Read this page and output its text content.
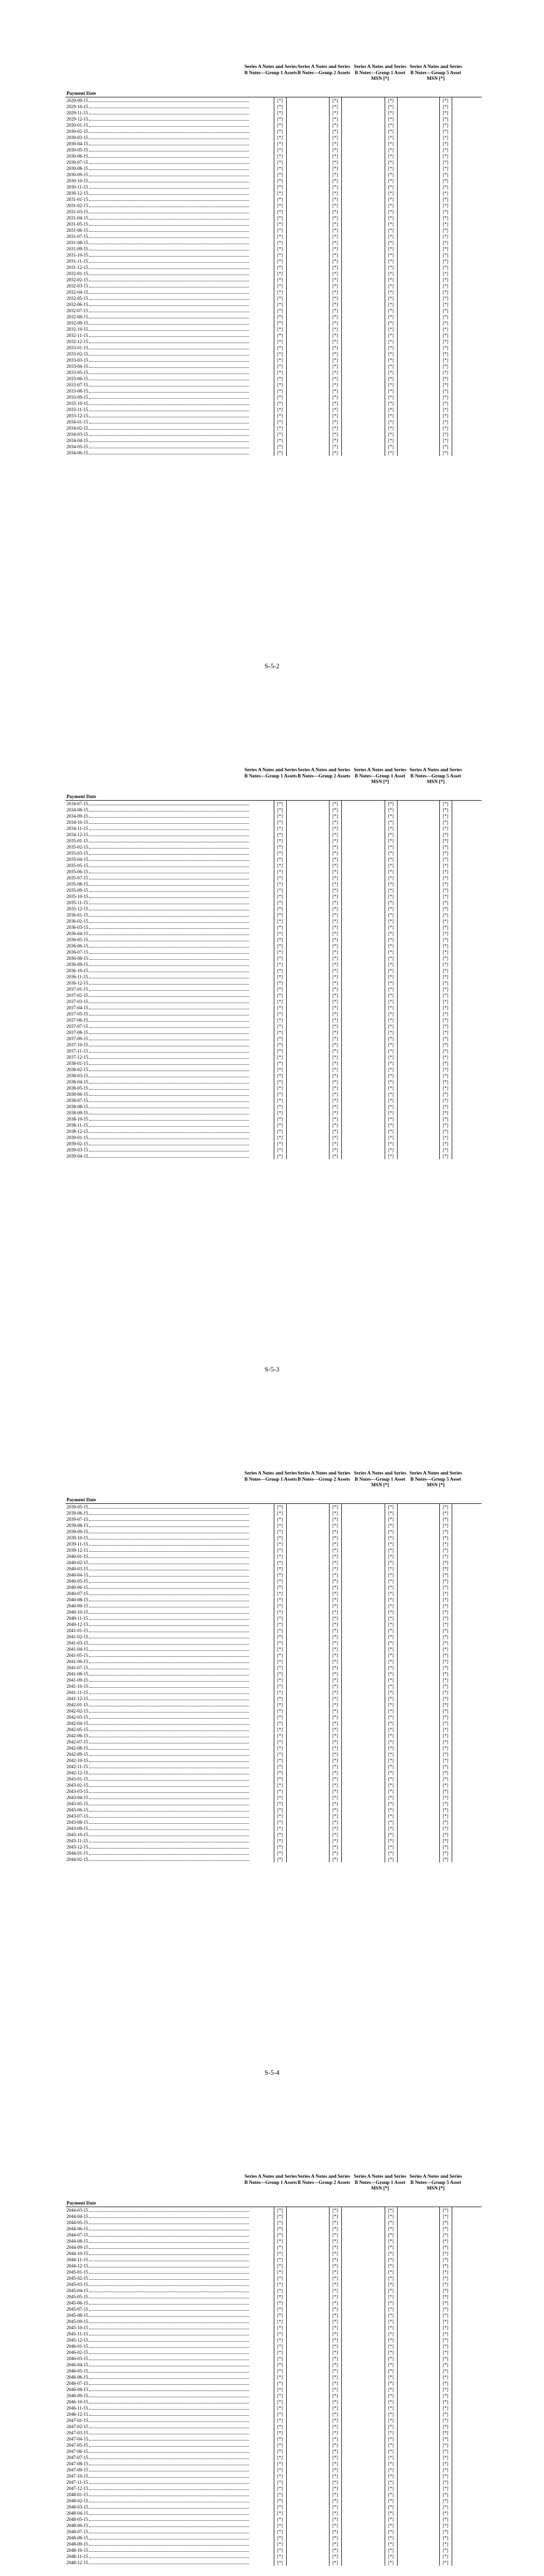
Series A Notes and Series B Notes—Group 1 Assets
Series A Notes and Series B Notes—Group 2 Assets
Series A Notes and Series B Notes—Group 1 Asset MSN [*]
Series A Notes and Series B Notes—Group 5 Asset MSN [*]
Payment Date
2029-09-15	[*]	[*]	[*]	[*]
2029-10-15	[*]	[*]	[*]	[*]
2029-11-15	[*]	[*]	[*]	[*]
2029-12-15	[*]	[*]	[*]	[*]
2030-01-15	[*]	[*]	[*]	[*]
2030-02-15	[*]	[*]	[*]	[*]
2030-03-15	[*]	[*]	[*]	[*]
2030-04-15	[*]	[*]	[*]	[*]
2030-05-15	[*]	[*]	[*]	[*]
2030-06-15	[*]	[*]	[*]	[*]
2030-07-15	[*]	[*]	[*]	[*]
2030-08-15	[*]	[*]	[*]	[*]
2030-09-15	[*]	[*]	[*]	[*]
2030-10-15	[*]	[*]	[*]	[*]
2030-11-15	[*]	[*]	[*]	[*]
2030-12-15	[*]	[*]	[*]	[*]
2031-01-15	[*]	[*]	[*]	[*]
2031-02-15	[*]	[*]	[*]	[*]
2031-03-15	[*]	[*]	[*]	[*]
2031-04-15	[*]	[*]	[*]	[*]
2031-05-15	[*]	[*]	[*]	[*]
2031-06-15	[*]	[*]	[*]	[*]
2031-07-15	[*]	[*]	[*]	[*]
2031-08-15	[*]	[*]	[*]	[*]
2031-09-15	[*]	[*]	[*]	[*]
2031-10-15	[*]	[*]	[*]	[*]
2031-11-15	[*]	[*]	[*]	[*]
2031-12-15	[*]	[*]	[*]	[*]
2032-01-15	[*]	[*]	[*]	[*]
2032-02-15	[*]	[*]	[*]	[*]
2032-03-15	[*]	[*]	[*]	[*]
2032-04-15	[*]	[*]	[*]	[*]
2032-05-15	[*]	[*]	[*]	[*]
2032-06-15	[*]	[*]	[*]	[*]
2032-07-15	[*]	[*]	[*]	[*]
2032-08-15	[*]	[*]	[*]	[*]
2032-09-15	[*]	[*]	[*]	[*]
2032-10-15	[*]	[*]	[*]	[*]
2032-11-15	[*]	[*]	[*]	[*]
2032-12-15	[*]	[*]	[*]	[*]
2033-01-15	[*]	[*]	[*]	[*]
2033-02-15	[*]	[*]	[*]	[*]
2033-03-15	[*]	[*]	[*]	[*]
2033-04-15	[*]	[*]	[*]	[*]
2033-05-15	[*]	[*]	[*]	[*]
2033-06-15	[*]	[*]	[*]	[*]
2033-07-15	[*]	[*]	[*]	[*]
2033-08-15	[*]	[*]	[*]	[*]
2033-09-15	[*]	[*]	[*]	[*]
2033-10-15	[*]	[*]	[*]	[*]
2033-11-15	[*]	[*]	[*]	[*]
2033-12-15	[*]	[*]	[*]	[*]
2034-01-15	[*]	[*]	[*]	[*]
2034-02-15	[*]	[*]	[*]	[*]
2034-03-15	[*]	[*]	[*]	[*]
2034-04-15	[*]	[*]	[*]	[*]
2034-05-15	[*]	[*]	[*]	[*]
2034-06-15	[*]	[*]	[*]	[*]
S-5-2
Series A Notes and Series B Notes—Group 1 Assets
Series A Notes and Series B Notes—Group 2 Assets
Series A Notes and Series B Notes—Group 1 Asset MSN [*]
Series A Notes and Series B Notes—Group 5 Asset MSN [*]
Payment Date
2034-07-15	[*]	[*]	[*]	[*]
2034-08-15	[*]	[*]	[*]	[*]
2034-09-15	[*]	[*]	[*]	[*]
2034-10-15	[*]	[*]	[*]	[*]
2034-11-15	[*]	[*]	[*]	[*]
2034-12-15	[*]	[*]	[*]	[*]
2035-01-15	[*]	[*]	[*]	[*]
2035-02-15	[*]	[*]	[*]	[*]
2035-03-15	[*]	[*]	[*]	[*]
2035-04-15	[*]	[*]	[*]	[*]
2035-05-15	[*]	[*]	[*]	[*]
2035-06-15	[*]	[*]	[*]	[*]
2035-07-15	[*]	[*]	[*]	[*]
2035-08-15	[*]	[*]	[*]	[*]
2035-09-15	[*]	[*]	[*]	[*]
2035-10-15	[*]	[*]	[*]	[*]
2035-11-15	[*]	[*]	[*]	[*]
2035-12-15	[*]	[*]	[*]	[*]
2036-01-15	[*]	[*]	[*]	[*]
2036-02-15	[*]	[*]	[*]	[*]
2036-03-15	[*]	[*]	[*]	[*]
2036-04-15	[*]	[*]	[*]	[*]
2036-05-15	[*]	[*]	[*]	[*]
2036-06-15	[*]	[*]	[*]	[*]
2036-07-15	[*]	[*]	[*]	[*]
2036-08-15	[*]	[*]	[*]	[*]
2036-09-15	[*]	[*]	[*]	[*]
2036-10-15	[*]	[*]	[*]	[*]
2036-11-15	[*]	[*]	[*]	[*]
2036-12-15	[*]	[*]	[*]	[*]
2037-01-15	[*]	[*]	[*]	[*]
2037-02-15	[*]	[*]	[*]	[*]
2037-03-15	[*]	[*]	[*]	[*]
2037-04-15	[*]	[*]	[*]	[*]
2037-05-15	[*]	[*]	[*]	[*]
2037-06-15	[*]	[*]	[*]	[*]
2037-07-15	[*]	[*]	[*]	[*]
2037-08-15	[*]	[*]	[*]	[*]
2037-09-15	[*]	[*]	[*]	[*]
2037-10-15	[*]	[*]	[*]	[*]
2037-11-15	[*]	[*]	[*]	[*]
2037-12-15	[*]	[*]	[*]	[*]
2038-01-15	[*]	[*]	[*]	[*]
2038-02-15	[*]	[*]	[*]	[*]
2038-03-15	[*]	[*]	[*]	[*]
2038-04-15	[*]	[*]	[*]	[*]
2038-05-15	[*]	[*]	[*]	[*]
2038-06-15	[*]	[*]	[*]	[*]
2038-07-15	[*]	[*]	[*]	[*]
2038-08-15	[*]	[*]	[*]	[*]
2038-09-15	[*]	[*]	[*]	[*]
2038-10-15	[*]	[*]	[*]	[*]
2038-11-15	[*]	[*]	[*]	[*]
2038-12-15	[*]	[*]	[*]	[*]
2039-01-15	[*]	[*]	[*]	[*]
2039-02-15	[*]	[*]	[*]	[*]
2039-03-15	[*]	[*]	[*]	[*]
2039-04-15	[*]	[*]	[*]	[*]
S-5-3
Series A Notes and Series B Notes—Group 1 Assets
Series A Notes and Series B Notes—Group 2 Assets
Series A Notes and Series B Notes—Group 1 Asset MSN [*]
Series A Notes and Series B Notes—Group 5 Asset MSN [*]
Payment Date
2039-05-15	[*]	[*]	[*]	[*]
2039-06-15	[*]	[*]	[*]	[*]
2039-07-15	[*]	[*]	[*]	[*]
2039-08-15	[*]	[*]	[*]	[*]
2039-09-15	[*]	[*]	[*]	[*]
2039-10-15	[*]	[*]	[*]	[*]
2039-11-15	[*]	[*]	[*]	[*]
2039-12-15	[*]	[*]	[*]	[*]
2040-01-15	[*]	[*]	[*]	[*]
2040-02-15	[*]	[*]	[*]	[*]
2040-03-15	[*]	[*]	[*]	[*]
2040-04-15	[*]	[*]	[*]	[*]
2040-05-15	[*]	[*]	[*]	[*]
2040-06-15	[*]	[*]	[*]	[*]
2040-07-15	[*]	[*]	[*]	[*]
2040-08-15	[*]	[*]	[*]	[*]
2040-09-15	[*]	[*]	[*]	[*]
2040-10-15	[*]	[*]	[*]	[*]
2040-11-15	[*]	[*]	[*]	[*]
2040-12-15	[*]	[*]	[*]	[*]
2041-01-15	[*]	[*]	[*]	[*]
2041-02-15	[*]	[*]	[*]	[*]
2041-03-15	[*]	[*]	[*]	[*]
2041-04-15	[*]	[*]	[*]	[*]
2041-05-15	[*]	[*]	[*]	[*]
2041-06-15	[*]	[*]	[*]	[*]
2041-07-15	[*]	[*]	[*]	[*]
2041-08-15	[*]	[*]	[*]	[*]
2041-09-15	[*]	[*]	[*]	[*]
2041-10-15	[*]	[*]	[*]	[*]
2041-11-15	[*]	[*]	[*]	[*]
2041-12-15	[*]	[*]	[*]	[*]
2042-01-15	[*]	[*]	[*]	[*]
2042-02-15	[*]	[*]	[*]	[*]
2042-03-15	[*]	[*]	[*]	[*]
2042-04-15	[*]	[*]	[*]	[*]
2042-05-15	[*]	[*]	[*]	[*]
2042-06-15	[*]	[*]	[*]	[*]
2042-07-15	[*]	[*]	[*]	[*]
2042-08-15	[*]	[*]	[*]	[*]
2042-09-15	[*]	[*]	[*]	[*]
2042-10-15	[*]	[*]	[*]	[*]
2042-11-15	[*]	[*]	[*]	[*]
2042-12-15	[*]	[*]	[*]	[*]
2043-01-15	[*]	[*]	[*]	[*]
2043-02-15	[*]	[*]	[*]	[*]
2043-03-15	[*]	[*]	[*]	[*]
2043-04-15	[*]	[*]	[*]	[*]
2043-05-15	[*]	[*]	[*]	[*]
2043-06-15	[*]	[*]	[*]	[*]
2043-07-15	[*]	[*]	[*]	[*]
2043-08-15	[*]	[*]	[*]	[*]
2043-09-15	[*]	[*]	[*]	[*]
2043-10-15	[*]	[*]	[*]	[*]
2043-11-15	[*]	[*]	[*]	[*]
2043-12-15	[*]	[*]	[*]	[*]
2044-01-15	[*]	[*]	[*]	[*]
2044-02-15	[*]	[*]	[*]	[*]
S-5-4
Series A Notes and Series B Notes—Group 1 Assets
Series A Notes and Series B Notes—Group 2 Assets
Series A Notes and Series B Notes—Group 1 Asset MSN [*]
Series A Notes and Series B Notes—Group 5 Asset MSN [*]
Payment Date
2044-03-15	[*]	[*]	[*]	[*]
2044-04-15	[*]	[*]	[*]	[*]
2044-05-15	[*]	[*]	[*]	[*]
2044-06-15	[*]	[*]	[*]	[*]
2044-07-15	[*]	[*]	[*]	[*]
2044-08-15	[*]	[*]	[*]	[*]
2044-09-15	[*]	[*]	[*]	[*]
2044-10-15	[*]	[*]	[*]	[*]
2044-11-15	[*]	[*]	[*]	[*]
2044-12-15	[*]	[*]	[*]	[*]
2045-01-15	[*]	[*]	[*]	[*]
2045-02-15	[*]	[*]	[*]	[*]
2045-03-15	[*]	[*]	[*]	[*]
2045-04-15	[*]	[*]	[*]	[*]
2045-05-15	[*]	[*]	[*]	[*]
2045-06-15	[*]	[*]	[*]	[*]
2045-07-15	[*]	[*]	[*]	[*]
2045-08-15	[*]	[*]	[*]	[*]
2045-09-15	[*]	[*]	[*]	[*]
2045-10-15	[*]	[*]	[*]	[*]
2045-11-15	[*]	[*]	[*]	[*]
2045-12-15	[*]	[*]	[*]	[*]
2046-01-15	[*]	[*]	[*]	[*]
2046-02-15	[*]	[*]	[*]	[*]
2046-03-15	[*]	[*]	[*]	[*]
2046-04-15	[*]	[*]	[*]	[*]
2046-05-15	[*]	[*]	[*]	[*]
2046-06-15	[*]	[*]	[*]	[*]
2046-07-15	[*]	[*]	[*]	[*]
2046-08-15	[*]	[*]	[*]	[*]
2046-09-15	[*]	[*]	[*]	[*]
2046-10-15	[*]	[*]	[*]	[*]
2046-11-15	[*]	[*]	[*]	[*]
2046-12-15	[*]	[*]	[*]	[*]
2047-01-15	[*]	[*]	[*]	[*]
2047-02-15	[*]	[*]	[*]	[*]
2047-03-15	[*]	[*]	[*]	[*]
2047-04-15	[*]	[*]	[*]	[*]
2047-05-15	[*]	[*]	[*]	[*]
2047-06-15	[*]	[*]	[*]	[*]
2047-07-15	[*]	[*]	[*]	[*]
2047-08-15	[*]	[*]	[*]	[*]
2047-09-15	[*]	[*]	[*]	[*]
2047-10-15	[*]	[*]	[*]	[*]
2047-11-15	[*]	[*]	[*]	[*]
2047-12-15	[*]	[*]	[*]	[*]
2048-01-15	[*]	[*]	[*]	[*]
2048-02-15	[*]	[*]	[*]	[*]
2048-03-15	[*]	[*]	[*]	[*]
2048-04-15	[*]	[*]	[*]	[*]
2048-05-15	[*]	[*]	[*]	[*]
2048-06-15	[*]	[*]	[*]	[*]
2048-07-15	[*]	[*]	[*]	[*]
2048-08-15	[*]	[*]	[*]	[*]
2048-09-15	[*]	[*]	[*]	[*]
2048-10-15	[*]	[*]	[*]	[*]
2048-11-15	[*]	[*]	[*]	[*]
2048-12-15	[*]	[*]	[*]	[*]
